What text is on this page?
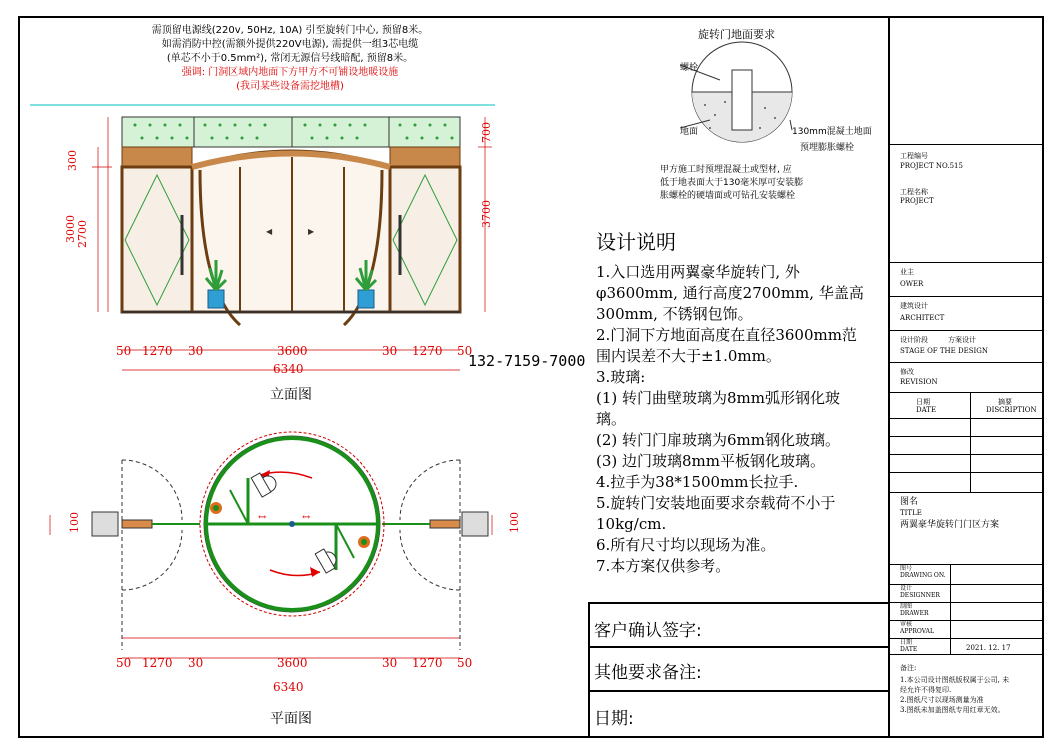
需顶留电源线(220v, 50Hz, 10A) 引至旋转门中心, 预留8米。
如需消防中控(需额外提供220V电源), 需提供一组3芯电缆
(单芯不小于0.5mm²), 常闭无源信号线暗配, 预留8米。
强调: 门洞区域内地面下方甲方不可铺设地暖设施
(我司某些设备需挖地槽)
◀	▶
300
3000 2700
700
3700
50 1270 30	3600	30 1270 50
6340
立面图
132-7159-7000
↔	↔
100	100
50 1270 30	3600	30 1270 50
6340
平面图
旋转门地面要求
螺栓
地面	130mm混凝土地面
预埋膨胀螺栓
甲方施工时预埋混凝土或型材, 应
低于地表面大于130毫米厚可安装膨
胀螺栓的硬墙面或可钻孔安装螺栓
设计说明
1.入口选用两翼豪华旋转门, 外
φ3600mm, 通行高度2700mm, 华盖高
300mm, 不锈钢包饰。
2.门洞下方地面高度在直径3600mm范
围内误差不大于±1.0mm。
3.玻璃:
(1) 转门曲壁玻璃为8mm弧形钢化玻
璃。
(2) 转门门扉玻璃为6mm钢化玻璃。
(3) 边门玻璃8mm平板钢化玻璃。
4.拉手为38*1500mm长拉手.
5.旋转门安装地面要求奈载荷不小于
10kg/cm.
6.所有尺寸均以现场为准。
7.本方案仅供参考。
客户确认签字:
其他要求备注:
日期:
工程编号
PROJECT NO.515
工程名称
PROJECT
业主
OWER
建筑设计
ARCHITECT
设计阶段	方案设计
STAGE OF THE DESIGN
修改
REVISION
日期
DATE
摘要
DISCRIPTION
图名
TITLE
两翼豪华旋转门门区方案
图号
DRAWING ON.
设计
DESIGNNER
制图
DRAWER
审核
APPROVAL
日期
DATE	2021. 12. 17
备注:
1.本公司设计图纸版权属于公司, 未
经允许不得复印.
2.图纸尺寸以现场测量为准
3.图纸未加盖图纸专用红章无效。
